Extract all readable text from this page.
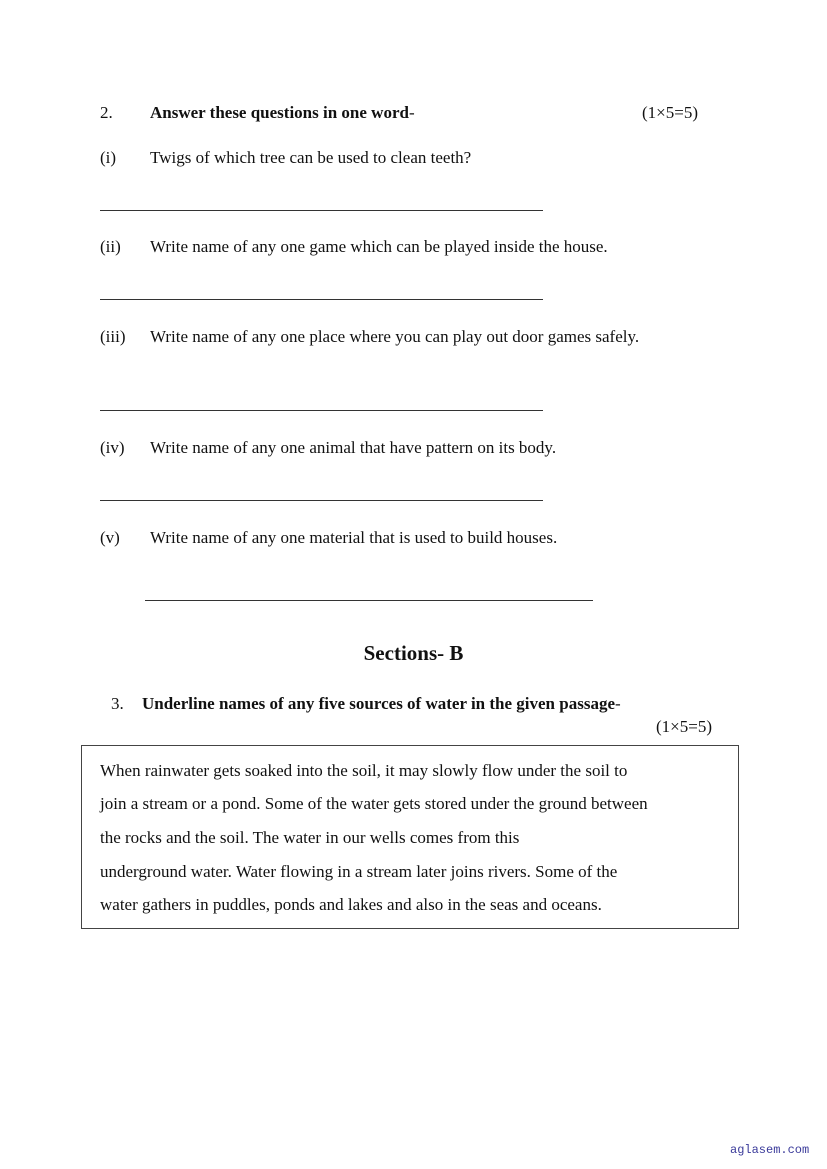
2. Answer these questions in one word-	(1×5=5)
(i) Twigs of which tree can be used to clean teeth?
(ii) Write name of any one game which can be played inside the house.
(iii) Write name of any one place where you can play out door games safely.
(iv) Write name of any one animal that have pattern on its body.
(v) Write name of any one material that is used to build houses.
Sections- B
3. Underline names of any five sources of water in the given passage-
(1×5=5)
When rainwater gets soaked into the soil, it may slowly flow under the soil to
join a stream or a pond. Some of the water gets stored under the ground between
the rocks and the soil. The water in our wells comes from this
underground water. Water flowing in a stream later joins rivers. Some of the
water gathers in puddles, ponds and lakes and also in the seas and oceans.
aglasem.com
